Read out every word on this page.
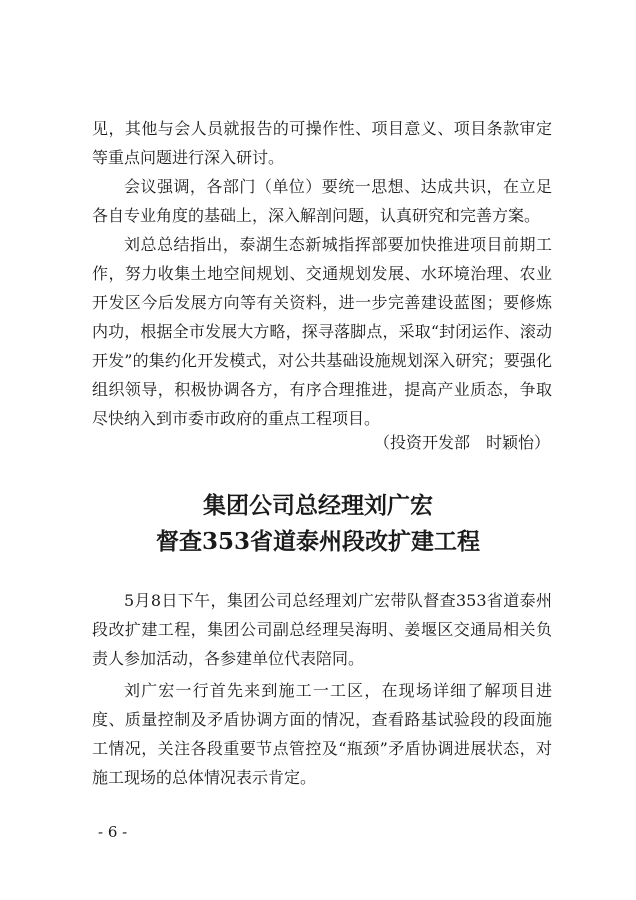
见，其他与会人员就报告的可操作性、项目意义、项目条款审定等重点问题进行深入研讨。

会议强调，各部门（单位）要统一思想、达成共识，在立足各自专业角度的基础上，深入解剖问题，认真研究和完善方案。

刘总总结指出，泰湖生态新城指挥部要加快推进项目前期工作，努力收集土地空间规划、交通规划发展、水环境治理、农业开发区今后发展方向等有关资料，进一步完善建设蓝图；要修炼内功，根据全市发展大方略，探寻落脚点，采取“封闭运作、滚动开发”的集约化开发模式，对公共基础设施规划深入研究；要强化组织领导，积极协调各方，有序合理推进，提高产业质态，争取尽快纳入到市委市政府的重点工程项目。

（投资开发部　时颖怡）

集团公司总经理刘广宏
督查353省道泰州段改扩建工程

5月8日下午，集团公司总经理刘广宏带队督查353省道泰州段改扩建工程，集团公司副总经理吴海明、姜堰区交通局相关负责人参加活动，各参建单位代表陪同。

刘广宏一行首先来到施工一工区，在现场详细了解项目进度、质量控制及矛盾协调方面的情况，查看路基试验段的段面施工情况，关注各段重要节点管控及“瓶颈”矛盾协调进展状态，对施工现场的总体情况表示肯定。

- 6 -
